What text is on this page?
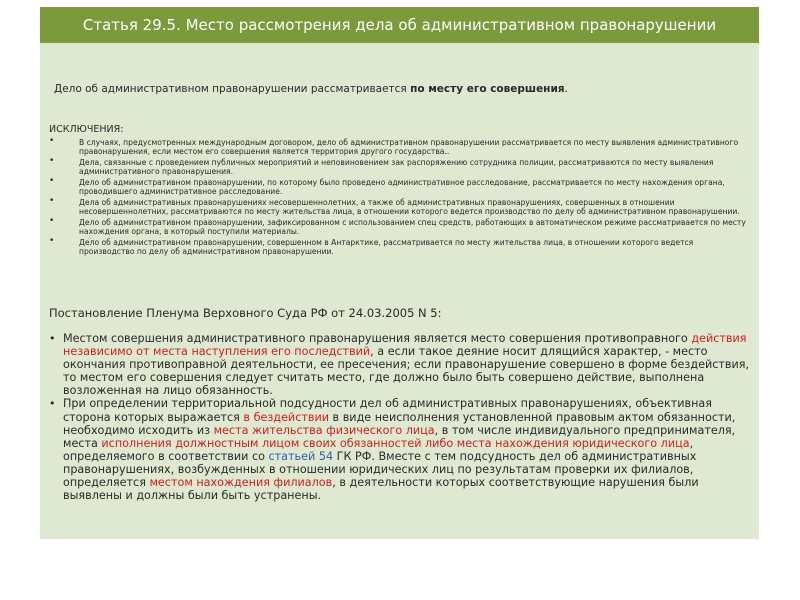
Статья 29.5. Место рассмотрения дела об административном правонарушении
Дело об административном правонарушении рассматривается по месту его совершения.
ИСКЛЮЧЕНИЯ:
• В случаях, предусмотренных международным договором, дело об административном правонарушении рассматривается по месту выявления административного правонарушения, если местом его совершения является территория другого государства..
• Дела, связанные с проведением публичных мероприятий и неповиновением зак распоряжению сотрудника полиции, рассматриваются по месту выявления административного правонарушения.
• Дело об административном правонарушении, по которому было проведено административное расследование, рассматривается по месту нахождения органа, проводившего административное расследование.
• Дела об административных правонарушениях несовершеннолетних, а также об административных правонарушениях, совершенных в отношении несовершеннолетних, рассматриваются по месту жительства лица, в отношении которого ведется производство по делу об административном правонарушении.
• Дело об административном правонарушении, зафиксированном с использованием спец средств, работающих в автоматическом режиме рассматривается по месту нахождения органа, в который поступили материалы.
• Дело об административном правонарушении, совершенном в Антарктике, рассматривается по месту жительства лица, в отношении которого ведется производство по делу об административном правонарушении.
Постановление Пленума Верховного Суда РФ от 24.03.2005 N 5:
• Местом совершения административного правонарушения является место совершения противоправного действия независимо от места наступления его последствий, а если такое деяние носит длящийся характер, - место окончания противоправной деятельности, ее пресечения; если правонарушение совершено в форме бездействия, то местом его совершения следует считать место, где должно было быть совершено действие, выполнена возложенная на лицо обязанность.
• При определении территориальной подсудности дел об административных правонарушениях, объективная сторона которых выражается в бездействии в виде неисполнения установленной правовым актом обязанности, необходимо исходить из места жительства физического лица, в том числе индивидуального предпринимателя, места исполнения должностным лицом своих обязанностей либо места нахождения юридического лица, определяемого в соответствии со статьей 54 ГК РФ. Вместе с тем подсудность дел об административных правонарушениях, возбужденных в отношении юридических лиц по результатам проверки их филиалов, определяется местом нахождения филиалов, в деятельности которых соответствующие нарушения были выявлены и должны были быть устранены.
